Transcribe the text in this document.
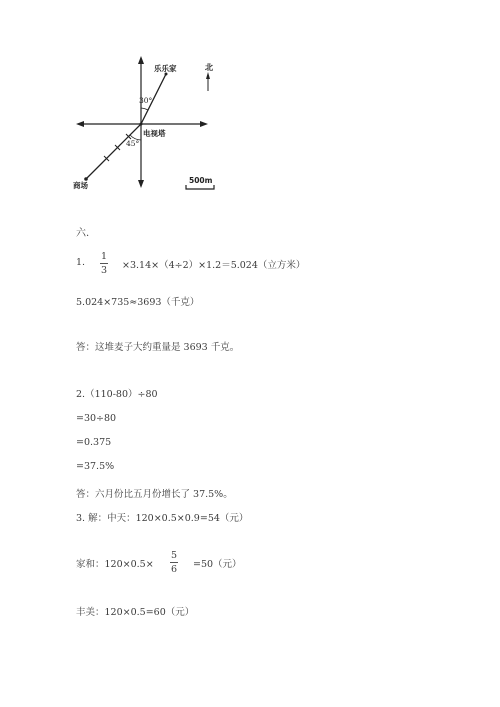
乐乐家
电视塔
商场
30°
45°
北
500m
六.
1.
1
3 ×3.14×（4÷2）×1.2＝5.024（立方米）
5.024×735≈3693（千克）
答：这堆麦子大约重量是 3693 千克。
2.（110-80）÷80
=30÷80
=0.375
=37.5%
答：六月份比五月份增长了 37.5%。
3. 解：中天：120×0.5×0.9=54（元）
家和：120×0.5×
5
6 =50（元）
丰美：120×0.5=60（元）
